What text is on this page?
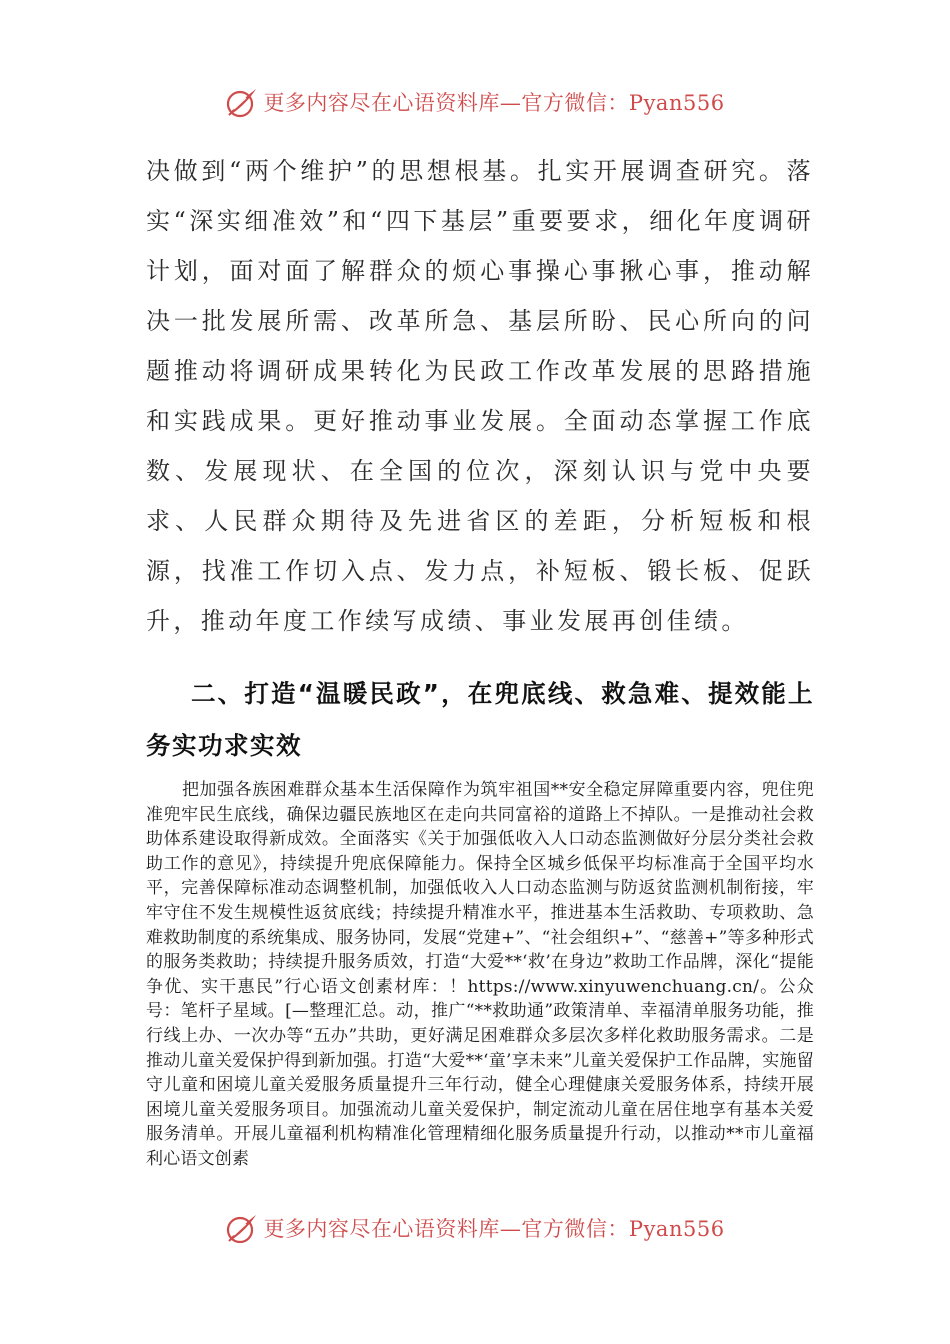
更多内容尽在心语资料库—官方微信：Pyan556

决做到“两个维护”的思想根基。扎实开展调查研究。落实“深实细准效”和“四下基层”重要要求，细化年度调研计划，面对面了解群众的烦心事操心事揪心事，推动解决一批发展所需、改革所急、基层所盼、民心所向的问题推动将调研成果转化为民政工作改革发展的思路措施和实践成果。更好推动事业发展。全面动态掌握工作底数、发展现状、在全国的位次，深刻认识与党中央要求、人民群众期待及先进省区的差距，分析短板和根源，找准工作切入点、发力点，补短板、锻长板、促跃升，推动年度工作续写成绩、事业发展再创佳绩。

二、打造“温暖民政”，在兜底线、救急难、提效能上务实功求实效

把加强各族困难群众基本生活保障作为筑牢祖国**安全稳定屏障重要内容，兜住兜准兜牢民生底线，确保边疆民族地区在走向共同富裕的道路上不掉队。一是推动社会救助体系建设取得新成效。全面落实《关于加强低收入人口动态监测做好分层分类社会救助工作的意见》，持续提升兜底保障能力。保持全区城乡低保平均标准高于全国平均水平，完善保障标准动态调整机制，加强低收入人口动态监测与防返贫监测机制衔接，牢牢守住不发生规模性返贫底线；持续提升精准水平，推进基本生活救助、专项救助、急难救助制度的系统集成、服务协同，发展“党建+”、“社会组织+”、“慈善+”等多种形式的服务类救助；持续提升服务质效，打造“大爱**‘救’在身边”救助工作品牌，深化“提能争优、实干惠民”行心语文创素材库：！https://www.xinyuwenchuang.cn/。公众号：笔杆子星域。[—整理汇总。动，推广“**救助通”政策清单、幸福清单服务功能，推行线上办、一次办等“五办”共助，更好满足困难群众多层次多样化救助服务需求。二是推动儿童关爱保护得到新加强。打造“大爱**‘童’享未来”儿童关爱保护工作品牌，实施留守儿童和困境儿童关爱服务质量提升三年行动，健全心理健康关爱服务体系，持续开展困境儿童关爱服务项目。加强流动儿童关爱保护，制定流动儿童在居住地享有基本关爱服务清单。开展儿童福利机构精准化管理精细化服务质量提升行动，以推动**市儿童福利心语文创素

更多内容尽在心语资料库—官方微信：Pyan556
